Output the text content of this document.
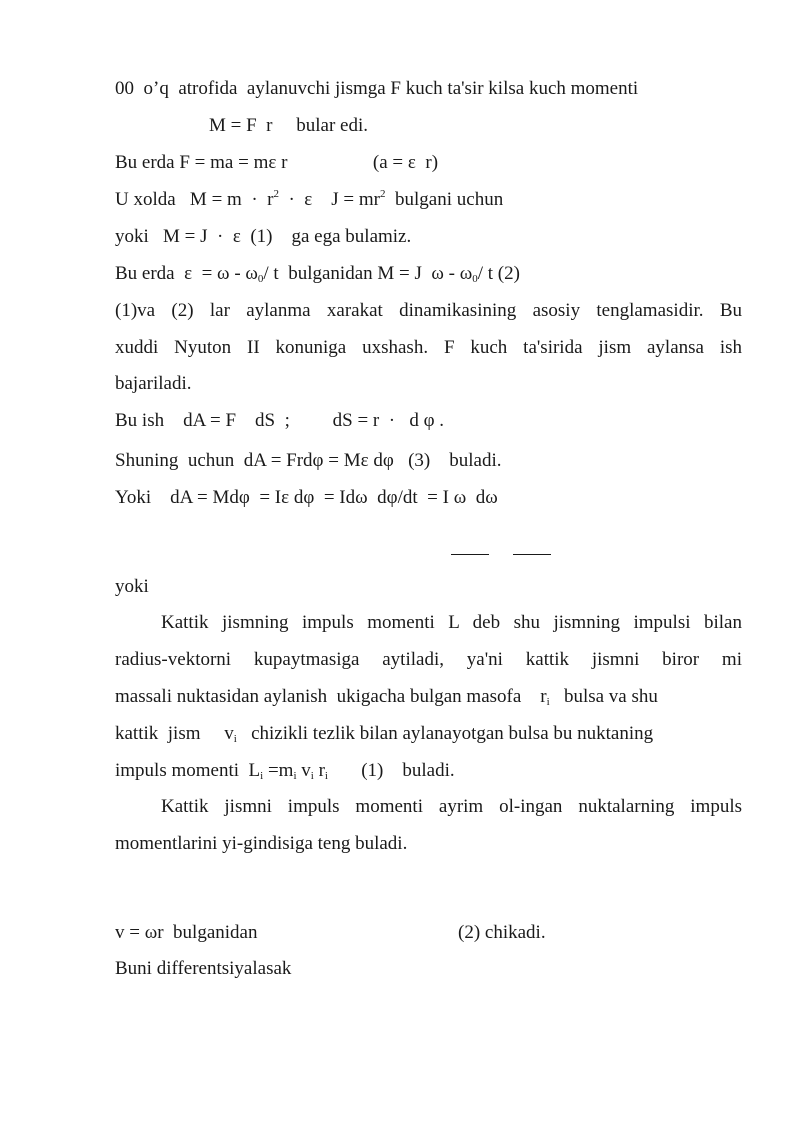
00  o’q  atrofida  aylanuvchi jismga F kuch ta'sir kilsa kuch momenti
M = F  r     bular edi.
Bu erda F = ma = mε r                  (a = ε  r)
U xolda   $M = m \cdot r^2 \cdot \varepsilon$    $J = mr^2$  bulgani uchun
yoki   M = J  ·  ε  (1)    ga ega bulamiz.
Bu erda  $\varepsilon = \omega - \omega_0/$ t  bulganidan M = J  ω - $\omega_0/$ t (2)
(1)va (2) lar aylanma xarakat dinamikasining asosiy tenglamasidir. Bu
xuddi Nyuton II konuniga uxshash. F kuch ta'sirida jism aylansa ish
bajariladi.
Bu ish    dA = F    dS  ;         dS = r  ·   d φ .
Shuning  uchun  dA = Frdφ = Mε dφ   (3)    buladi.
Yoki    dA = Mdφ  = Iε dφ  = Idω  dφ/dt  = I ω  dω
yoki
Kattik jismning impuls momenti L deb shu jismning impulsi bilan
radius-vektorni kupaytmasiga aytiladi, ya'ni kattik jismni biror mi
massali nuktasidan aylanish  ukigacha bulgan masofa    $r_i$   bulsa va shu
kattik  jism     $v_i$   chizikli tezlik bilan aylanayotgan bulsa bu nuktaning
impuls momenti  $L_i =m_i$ $v_i$ $r_i$       (1)    buladi.
Kattik jismni impuls momenti ayrim ol-ingan nuktalarning impuls
momentlarini yi-gindisiga teng buladi.
v = ωr  bulganidan	(2) chikadi.
Buni differentsiyalasak
